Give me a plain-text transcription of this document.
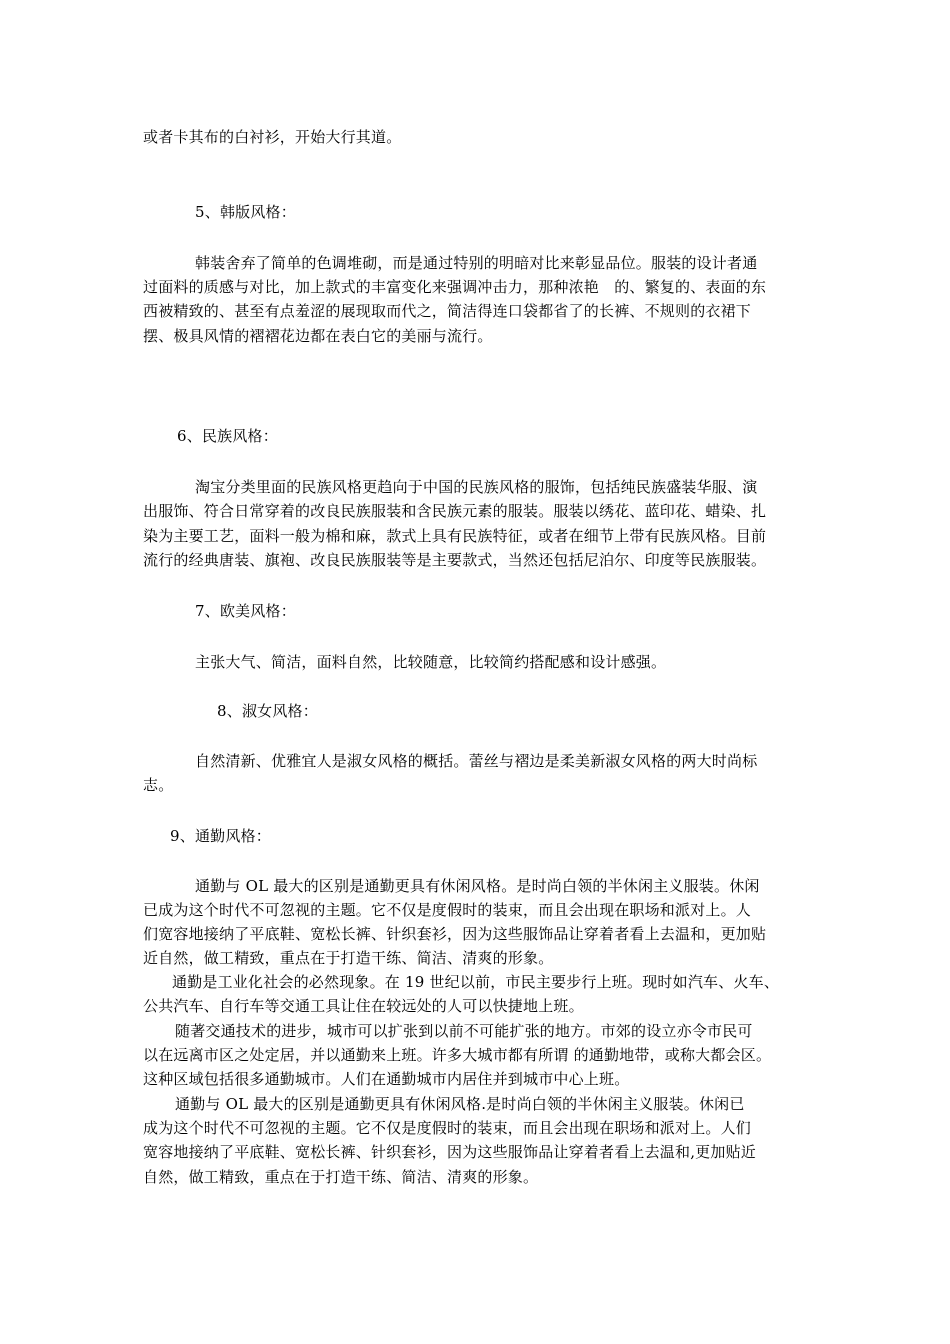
或者卡其布的白衬衫，开始大行其道。
5、韩版风格：
韩装舍弃了简单的色调堆砌，而是通过特别的明暗对比来彰显品位。服装的设计者通
过面料的质感与对比，加上款式的丰富变化来强调冲击力，那种浓艳　的、繁复的、表面的东
西被精致的、甚至有点羞涩的展现取而代之，简洁得连口袋都省了的长裤、不规则的衣裙下
摆、极具风情的褶褶花边都在表白它的美丽与流行。
6、民族风格：
淘宝分类里面的民族风格更趋向于中国的民族风格的服饰，包括纯民族盛装华服、演
出服饰、符合日常穿着的改良民族服装和含民族元素的服装。服装以绣花、蓝印花、蜡染、扎
染为主要工艺，面料一般为棉和麻，款式上具有民族特征，或者在细节上带有民族风格。目前
流行的经典唐装、旗袍、改良民族服装等是主要款式，当然还包括尼泊尔、印度等民族服装。
7、欧美风格：
主张大气、简洁，面料自然，比较随意，比较简约搭配感和设计感强。
8、淑女风格：
自然清新、优雅宜人是淑女风格的概括。蕾丝与褶边是柔美新淑女风格的两大时尚标
志。
9、通勤风格：
通勤与 OL 最大的区别是通勤更具有休闲风格。是时尚白领的半休闲主义服装。休闲
已成为这个时代不可忽视的主题。它不仅是度假时的装束，而且会出现在职场和派对上。人
们宽容地接纳了平底鞋、宽松长裤、针织套衫，因为这些服饰品让穿着者看上去温和，更加贴
近自然，做工精致，重点在于打造干练、简洁、清爽的形象。
通勤是工业化社会的必然现象。在 19 世纪以前，市民主要步行上班。现时如汽车、火车、
公共汽车、自行车等交通工具让住在较远处的人可以快捷地上班。
随著交通技术的进步，城市可以扩张到以前不可能扩张的地方。市郊的设立亦令市民可
以在远离市区之处定居，并以通勤来上班。许多大城市都有所谓 的通勤地带，或称大都会区。
这种区域包括很多通勤城市。人们在通勤城市内居住并到城市中心上班。
通勤与 OL 最大的区别是通勤更具有休闲风格.是时尚白领的半休闲主义服装。休闲已
成为这个时代不可忽视的主题。它不仅是度假时的装束，而且会出现在职场和派对上。人们
宽容地接纳了平底鞋、宽松长裤、针织套衫，因为这些服饰品让穿着者看上去温和,更加贴近
自然，做工精致，重点在于打造干练、简洁、清爽的形象。
